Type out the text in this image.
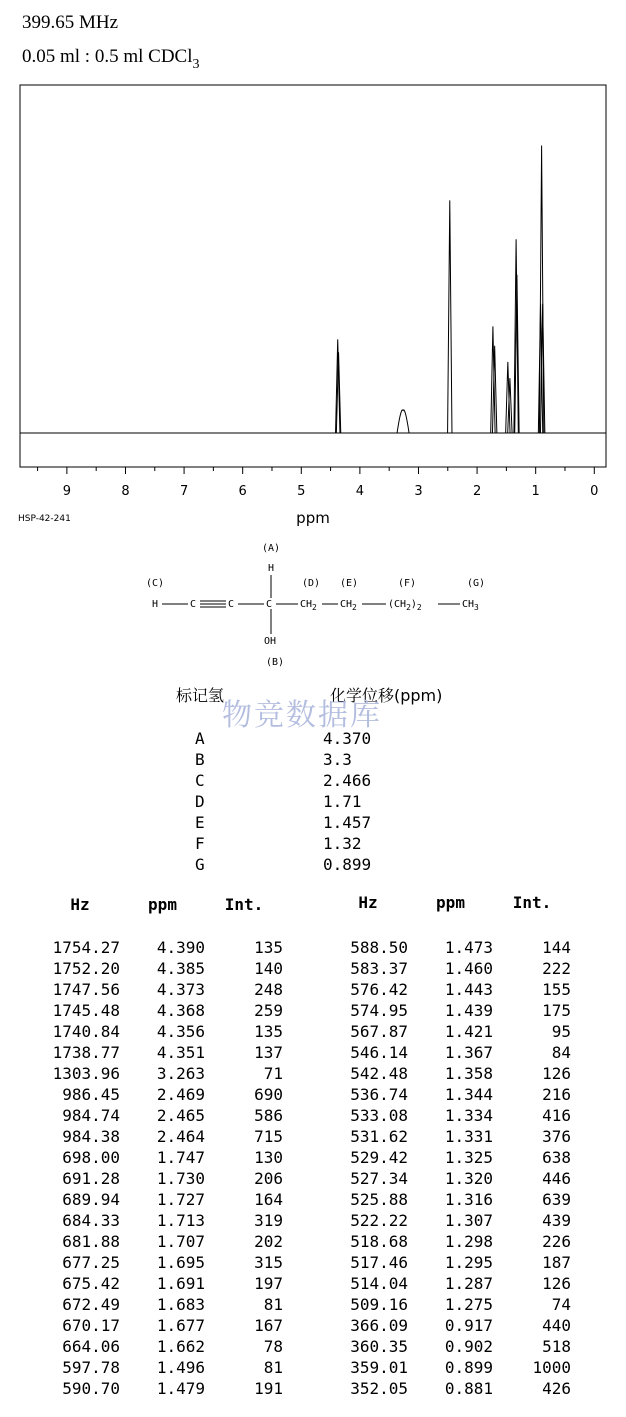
399.65 MHz
0.05 ml : 0.5 ml CDCl$_3$
9	8	7	6	5	4	3	2	1	0
ppm
HSP-42-241
(A)
(C)	(D) (E)	(F)	(G)
(B)
H
H	C	C	C
OH
$CH_2$ $CH_2$	$(CH_2)_2$	$CH_3$
标记氢	化学位移(ppm)
物竞数据库
A	4.370
B	3.3
C	2.466
D	1.71
E	1.457
F	1.32
G	0.899
Hz	ppm	Int.
1754.27 4.390	135
1752.20 4.385	140
1747.56 4.373	248
1745.48 4.368	259
1740.84 4.356	135
1738.77 4.351	137
1303.96 3.263	71
986.45 2.469	690
984.74 2.465	586
984.38 2.464	715
698.00 1.747	130
691.28 1.730	206
689.94 1.727	164
684.33 1.713	319
681.88 1.707	202
677.25 1.695	315
675.42 1.691	197
672.49 1.683	81
670.17 1.677	167
664.06 1.662	78
597.78 1.496	81
590.70 1.479	191
Hz	ppm	Int.
588.50 1.473	144
583.37 1.460	222
576.42 1.443	155
574.95 1.439	175
567.87 1.421	95
546.14 1.367	84
542.48 1.358	126
536.74 1.344	216
533.08 1.334	416
531.62 1.331	376
529.42 1.325	638
527.34 1.320	446
525.88 1.316	639
522.22 1.307	439
518.68 1.298	226
517.46 1.295	187
514.04 1.287	126
509.16 1.275	74
366.09 0.917	440
360.35 0.902	518
359.01 0.899 1000
352.05 0.881	426
